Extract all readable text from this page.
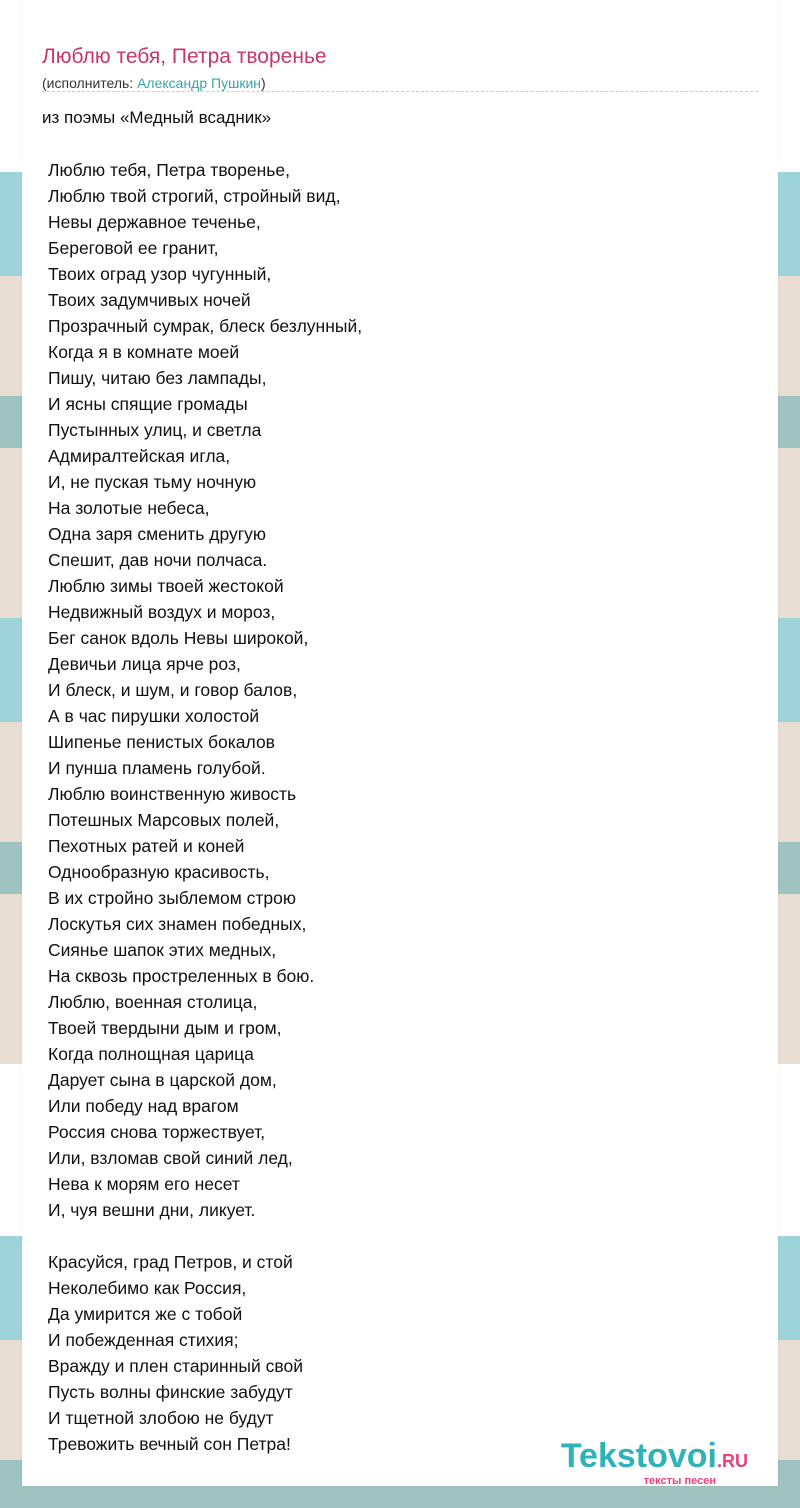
Люблю тебя, Петра творенье
(исполнитель: Александр Пушкин)
из поэмы «Медный всадник»
Люблю тебя, Петра творенье,
Люблю твой строгий, стройный вид,
Невы державное теченье,
Береговой ее гранит,
Твоих оград узор чугунный,
Твоих задумчивых ночей
Прозрачный сумрак, блеск безлунный,
Когда я в комнате моей
Пишу, читаю без лампады,
И ясны спящие громады
Пустынных улиц, и светла
Адмиралтейская игла,
И, не пуская тьму ночную
На золотые небеса,
Одна заря сменить другую
Спешит, дав ночи полчаса.
Люблю зимы твоей жестокой
Недвижный воздух и мороз,
Бег санок вдоль Невы широкой,
Девичьи лица ярче роз,
И блеск, и шум, и говор балов,
А в час пирушки холостой
Шипенье пенистых бокалов
И пунша пламень голубой.
Люблю воинственную живость
Потешных Марсовых полей,
Пехотных ратей и коней
Однообразную красивость,
В их стройно зыблемом строю
Лоскутья сих знамен победных,
Сиянье шапок этих медных,
На сквозь простреленных в бою.
Люблю, военная столица,
Твоей твердыни дым и гром,
Когда полнощная царица
Дарует сына в царской дом,
Или победу над врагом
Россия снова торжествует,
Или, взломав свой синий лед,
Нева к морям его несет
И, чуя вешни дни, ликует.
Красуйся, град Петров, и стой
Неколебимо как Россия,
Да умирится же с тобой
И побежденная стихия;
Вражду и плен старинный свой
Пусть волны финские забудут
И тщетной злобою не будут
Тревожить вечный сон Петра!	Tekstovoi.RU
тексты песен
